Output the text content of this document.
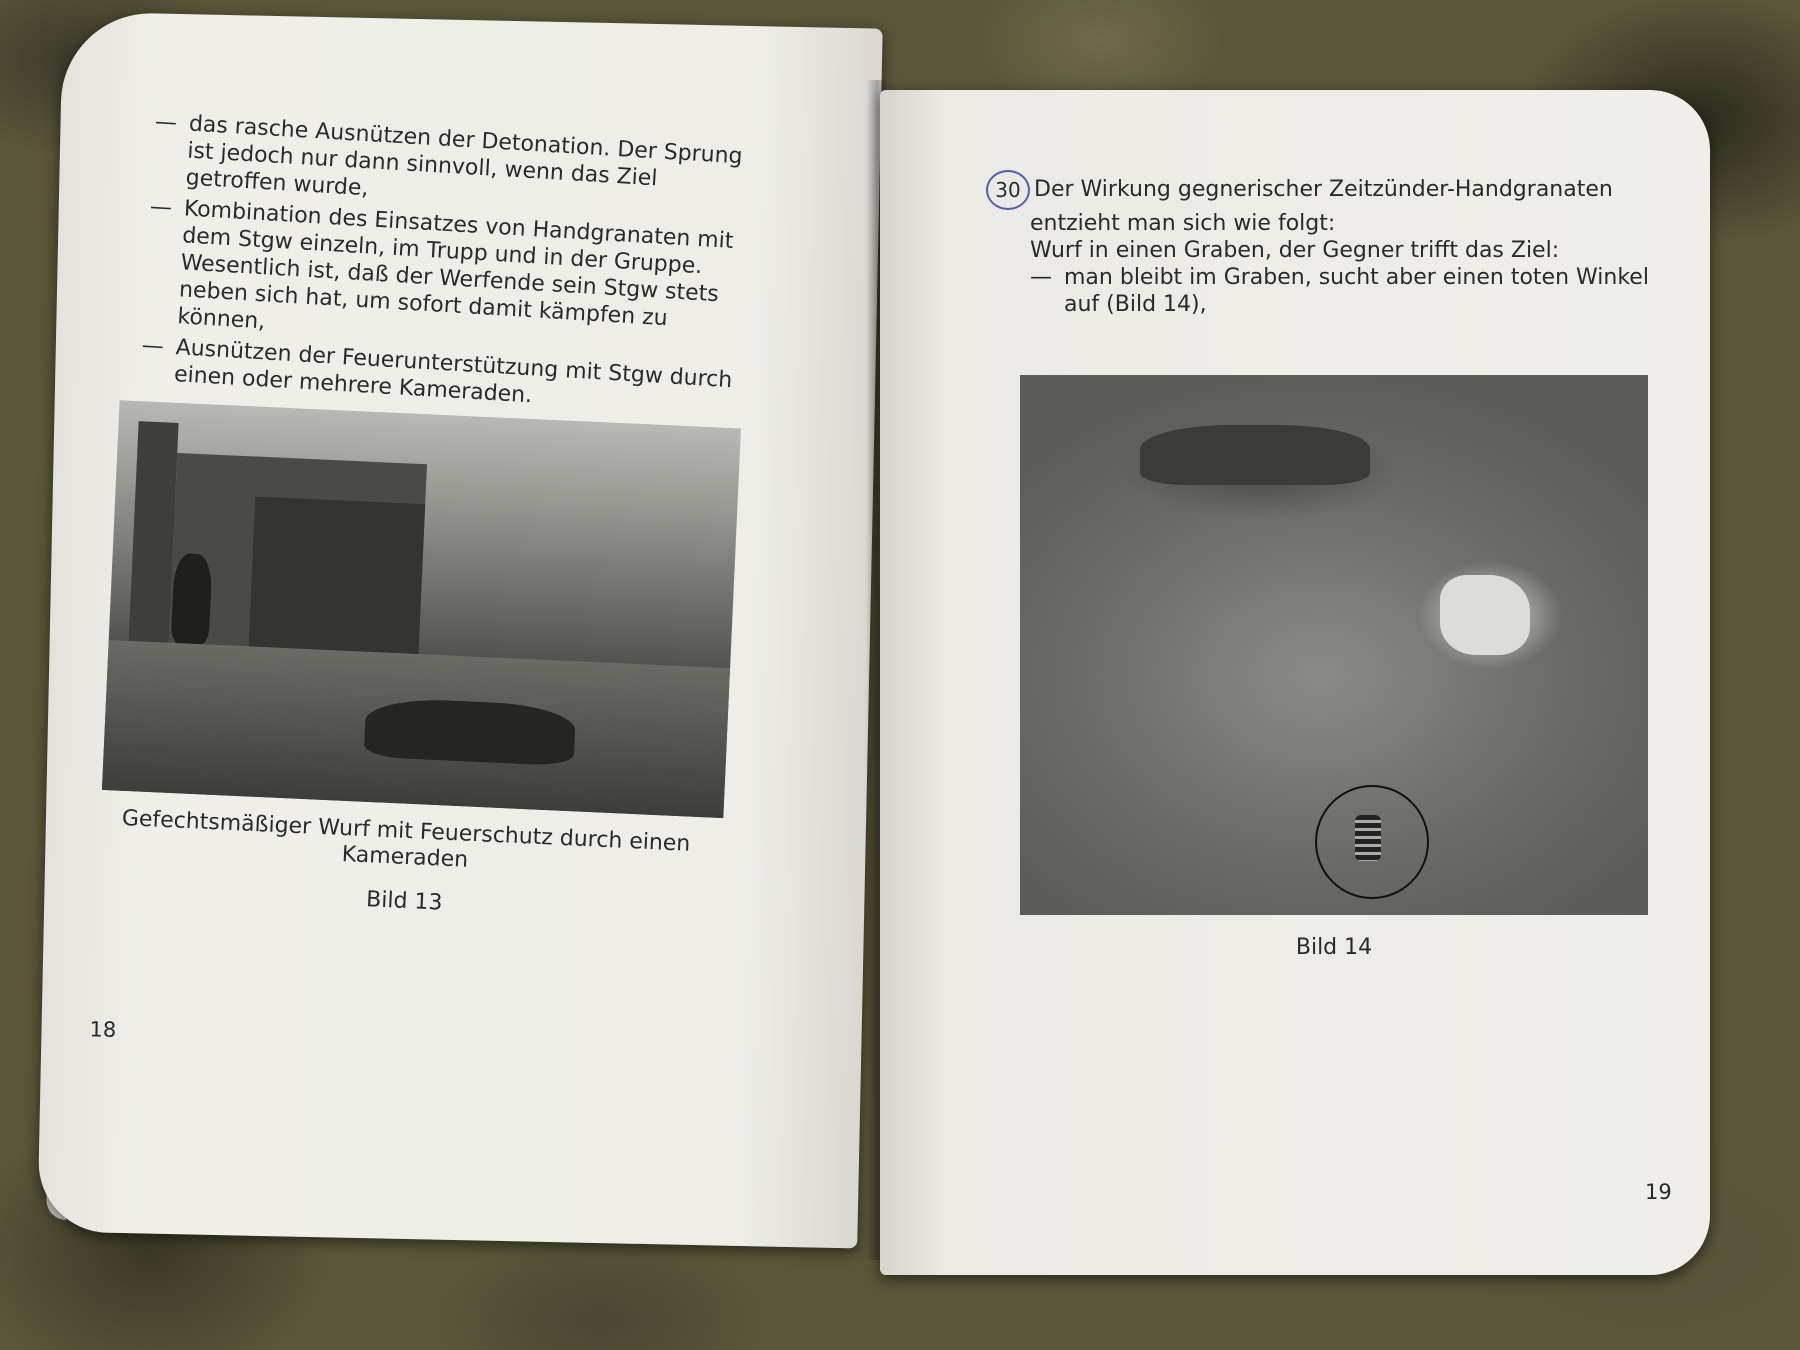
— das rasche Ausnützen der Detonation. Der Sprung ist jedoch nur dann sinnvoll, wenn das Ziel getroffen wurde,
— Kombination des Einsatzes von Handgranaten mit dem Stgw einzeln, im Trupp und in der Gruppe. Wesentlich ist, daß der Werfende sein Stgw stets neben sich hat, um sofort damit kämpfen zu können,
— Ausnützen der Feuerunterstützung mit Stgw durch einen oder mehrere Kameraden.
Gefechtsmäßiger Wurf mit Feuerschutz durch einen Kameraden
Bild 13
18
30 Der Wirkung gegnerischer Zeitzünder-Handgranaten entzieht man sich wie folgt:
Wurf in einen Graben, der Gegner trifft das Ziel:
— man bleibt im Graben, sucht aber einen toten Winkel auf (Bild 14),
Bild 14
19
